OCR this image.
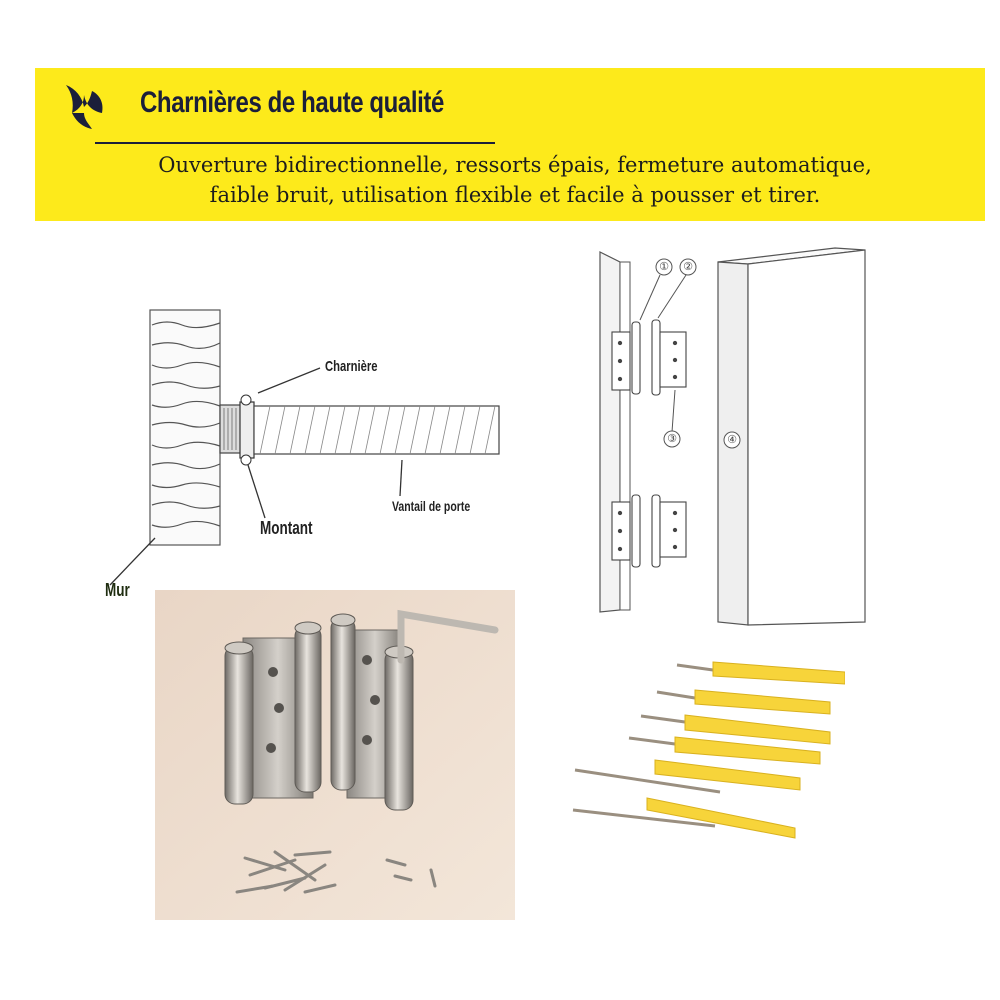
Charnières de haute qualité
Ouverture bidirectionnelle, ressorts épais, fermeture automatique,
faible bruit, utilisation flexible et facile à pousser et tirer.
Charnière
Montant
Vantail de porte
Mur
① ②
③	④
